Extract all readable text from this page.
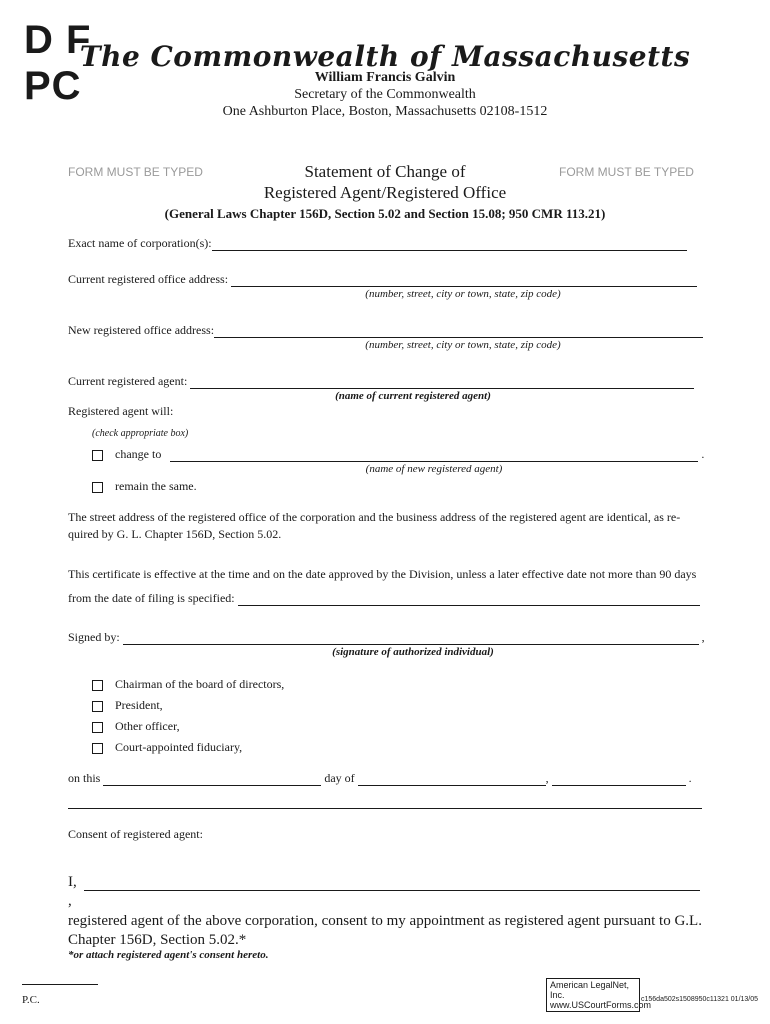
D F
PC
The Commonwealth of Massachusetts
William Francis Galvin
Secretary of the Commonwealth
One Ashburton Place, Boston, Massachusetts 02108-1512
FORM MUST BE TYPED	FORM MUST BE TYPED
Statement of Change of
Registered Agent/Registered Office
(General Laws Chapter 156D, Section 5.02 and Section 15.08; 950 CMR 113.21)
Exact name of corporation(s):
Current registered office address:
(number, street, city or town, state, zip code)
New registered office address:
(number, street, city or town, state, zip code)
Current registered agent:
(name of current registered agent)
Registered agent will:
(check appropriate box)
change to	.
(name of new registered agent)
remain the same.
The street address of the registered office of the corporation and the business address of the registered agent are identical, as re-quired by G. L. Chapter 156D, Section 5.02.
This certificate is effective at the time and on the date approved by the Division, unless a later effective date not more than 90 days
from the date of filing is specified:
Signed by:	,
(signature of authorized individual)
Chairman of the board of directors,
President,
Other officer,
Court-appointed fiduciary,
on this	day of	,	.
Consent of registered agent:
I,
,
registered agent of the above corporation, consent to my appointment as registered agent pursuant to G.L. Chapter 156D, Section 5.02.*
*or attach registered agent's consent hereto.
P.C.
American LegalNet, Inc.
www.USCourtForms.com
c156da502s1508950c11321 01/13/05
